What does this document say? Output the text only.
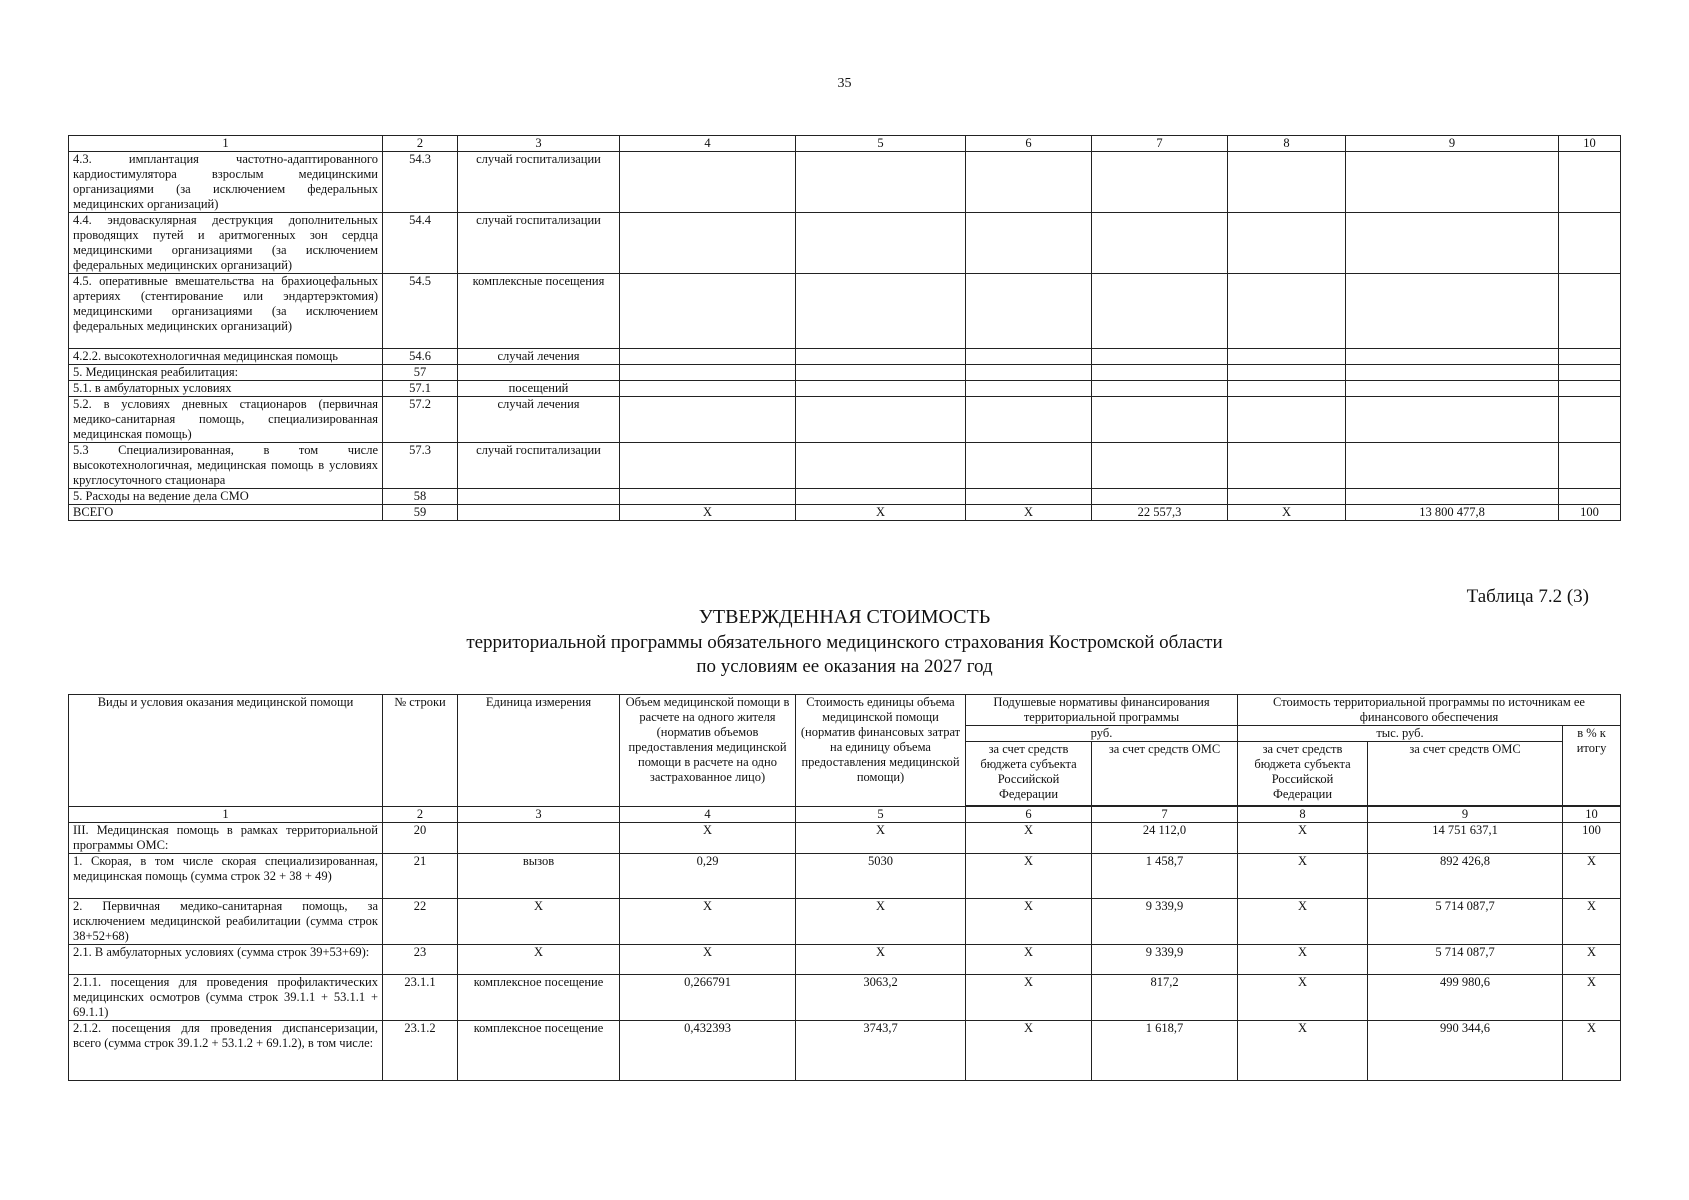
35
1	2	3	4	5	6	7	8	9	10
4.3. имплантация частотно-адаптированного кардиостимулятора взрослым медицинскими организациями (за исключением федеральных медицинских организаций)	54.3	случай госпитализации							
4.4. эндоваскулярная деструкция дополнительных проводящих путей и аритмогенных зон сердца медицинскими организациями (за исключением федеральных медицинских организаций)	54.4	случай госпитализации							
4.5. оперативные вмешательства на брахиоцефальных артериях (стентирование или эндартерэктомия) медицинскими организациями (за исключением федеральных медицинских организаций)	54.5	комплексные посещения							
4.2.2. высокотехнологичная медицинская помощь	54.6	случай лечения							
5. Медицинская реабилитация:	57								
5.1. в амбулаторных условиях	57.1	посещений							
5.2. в условиях дневных стационаров (первичная медико-санитарная помощь, специализированная медицинская помощь)	57.2	случай лечения							
5.3 Специализированная, в том числе высокотехнологичная, медицинская помощь в условиях круглосуточного стационара	57.3	случай госпитализации							
5. Расходы на ведение дела СМО	58								
ВСЕГО	59		Х	Х	Х	22 557,3	Х	13 800 477,8	100
Таблица 7.2 (3)
УТВЕРЖДЕННАЯ СТОИМОСТЬ
территориальной программы обязательного медицинского страхования Костромской области
по условиям ее оказания на 2027 год
Виды и условия оказания медицинской помощи	№ строки	Единица измерения	Объем медицинской помощи в расчете на одного жителя (норматив объемов предоставления медицинской помощи в расчете на одно застрахованное лицо)	Стоимость единицы объема медицинской помощи (норматив финансовых затрат на единицу объема предоставления медицинской помощи)	Подушевые нормативы финансирования территориальной программы		Стоимость территориальной программы по источникам ее финансового обеспечения		
					руб.		тыс. руб.		в % к итогу
					за счет средств бюджета субъекта Российской Федерации	за счет средств ОМС	за счет средств бюджета субъекта Российской Федерации	за счет средств ОМС	

1	2	3	4	5	6	7	8	9	10
III. Медицинская помощь в рамках территориальной программы ОМС:	20		Х	Х	Х	24 112,0	Х	14 751 637,1	100
1. Скорая, в том числе скорая специализированная, медицинская помощь (сумма строк 32 + 38 + 49)	21	вызов	0,29	5030	Х	1 458,7	Х	892 426,8	Х
2. Первичная медико-санитарная помощь, за исключением медицинской реабилитации (сумма строк 38+52+68)	22	Х	Х	Х	Х	9 339,9	Х	5 714 087,7	Х
2.1. В амбулаторных условиях (сумма строк 39+53+69):	23	Х	Х	Х	Х	9 339,9	Х	5 714 087,7	Х
2.1.1. посещения для проведения профилактических медицинских осмотров (сумма строк 39.1.1 + 53.1.1 + 69.1.1)	23.1.1	комплексное посещение	0,266791	3063,2	Х	817,2	Х	499 980,6	Х
2.1.2. посещения для проведения диспансеризации, всего (сумма строк 39.1.2 + 53.1.2 + 69.1.2), в том числе:	23.1.2	комплексное посещение	0,432393	3743,7	Х	1 618,7	Х	990 344,6	Х
